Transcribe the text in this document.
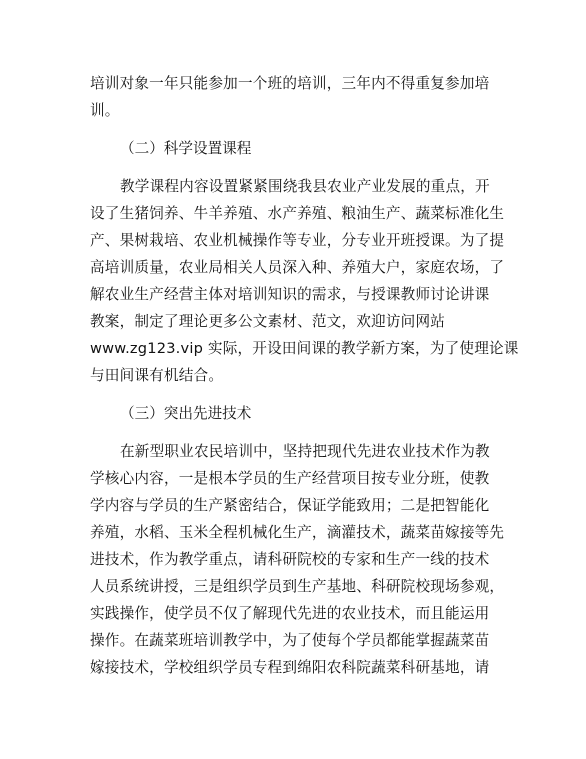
培训对象一年只能参加一个班的培训，三年内不得重复参加培
训。
（二）科学设置课程
教学课程内容设置紧紧围绕我县农业产业发展的重点，开
设了生猪饲养、牛羊养殖、水产养殖、粮油生产、蔬菜标准化生
产、果树栽培、农业机械操作等专业，分专业开班授课。为了提
高培训质量，农业局相关人员深入种、养殖大户，家庭农场，了
解农业生产经营主体对培训知识的需求，与授课教师讨论讲课
教案，制定了理论更多公文素材、范文，欢迎访问网站
www.zg123.vip 实际，开设田间课的教学新方案，为了使理论课
与田间课有机结合。
（三）突出先进技术
在新型职业农民培训中，坚持把现代先进农业技术作为教
学核心内容，一是根本学员的生产经营项目按专业分班，使教
学内容与学员的生产紧密结合，保证学能致用；二是把智能化
养殖，水稻、玉米全程机械化生产，滴灌技术，蔬菜苗嫁接等先
进技术，作为教学重点，请科研院校的专家和生产一线的技术
人员系统讲授，三是组织学员到生产基地、科研院校现场参观，
实践操作，使学员不仅了解现代先进的农业技术，而且能运用
操作。在蔬菜班培训教学中，为了使每个学员都能掌握蔬菜苗
嫁接技术，学校组织学员专程到绵阳农科院蔬菜科研基地，请
